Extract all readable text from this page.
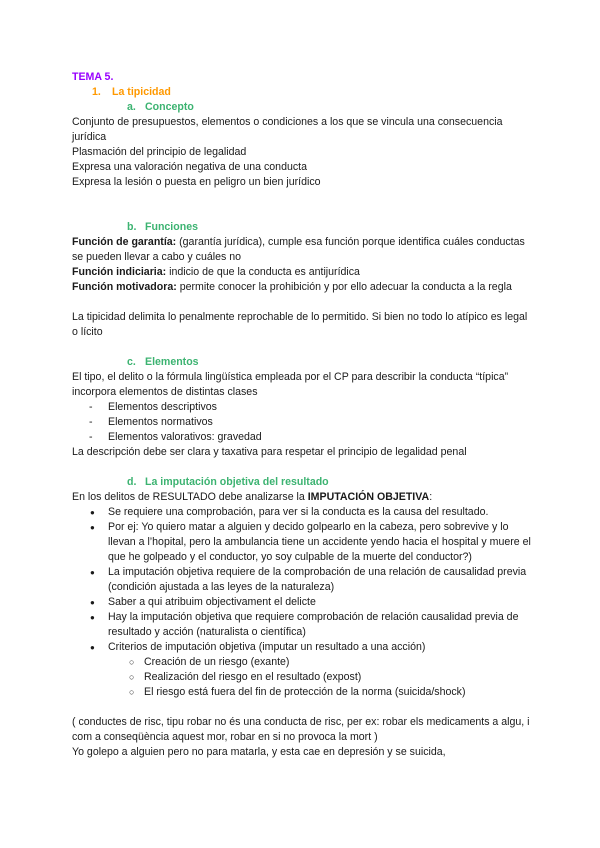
TEMA 5.
1. La tipicidad
a. Concepto
Conjunto de presupuestos, elementos o condiciones a los que se vincula una consecuencia jurídica
Plasmación del principio de legalidad
Expresa una valoración negativa de una conducta
Expresa la lesión o puesta en peligro un bien jurídico
b. Funciones
Función de garantía: (garantía jurídica), cumple esa función porque identifica cuáles conductas se pueden llevar a cabo y cuáles no
Función indiciaria: indicio de que la conducta es antijurídica
Función motivadora: permite conocer la prohibición y por ello adecuar la conducta a la regla
La tipicidad delimita lo penalmente reprochable de lo permitido. Si bien no todo lo atípico es legal o lícito
c. Elementos
El tipo, el delito o la fórmula lingüística empleada por el CP para describir la conducta “típica” incorpora elementos de distintas clases
-	Elementos descriptivos
-	Elementos normativos
-	Elementos valorativos: gravedad
La descripción debe ser clara y taxativa para respetar el principio de legalidad penal
d. La imputación objetiva del resultado
En los delitos de RESULTADO debe analizarse la IMPUTACIÓN OBJETIVA:
●	Se requiere una comprobación, para ver si la conducta es la causa del resultado.
●	Por ej: Yo quiero matar a alguien y decido golpearlo en la cabeza, pero sobrevive y lo llevan a l’hopital, pero la ambulancia tiene un accidente yendo hacia el hospital y muere el que he golpeado y el conductor, yo soy culpable de la muerte del conductor?)
●	La imputación objetiva requiere de la comprobación de una relación de causalidad previa (condición ajustada a las leyes de la naturaleza)
●	Saber a qui atribuim objectivament el delicte
●	Hay la imputación objetiva que requiere comprobación de relación causalidad previa de resultado y acción (naturalista o científica)
●	Criterios de imputación objetiva (imputar un resultado a una acción)
○ Creación de un riesgo (exante)
○ Realización del riesgo en el resultado (expost)
○ El riesgo está fuera del fin de protección de la norma (suicida/shock)
( conductes de risc, tipu robar no és una conducta de risc, per ex: robar els medicaments a algu, i com a conseqüència aquest mor, robar en si no provoca la mort )
Yo golepo a alguien pero no para matarla, y esta cae en depresión y se suicida,
